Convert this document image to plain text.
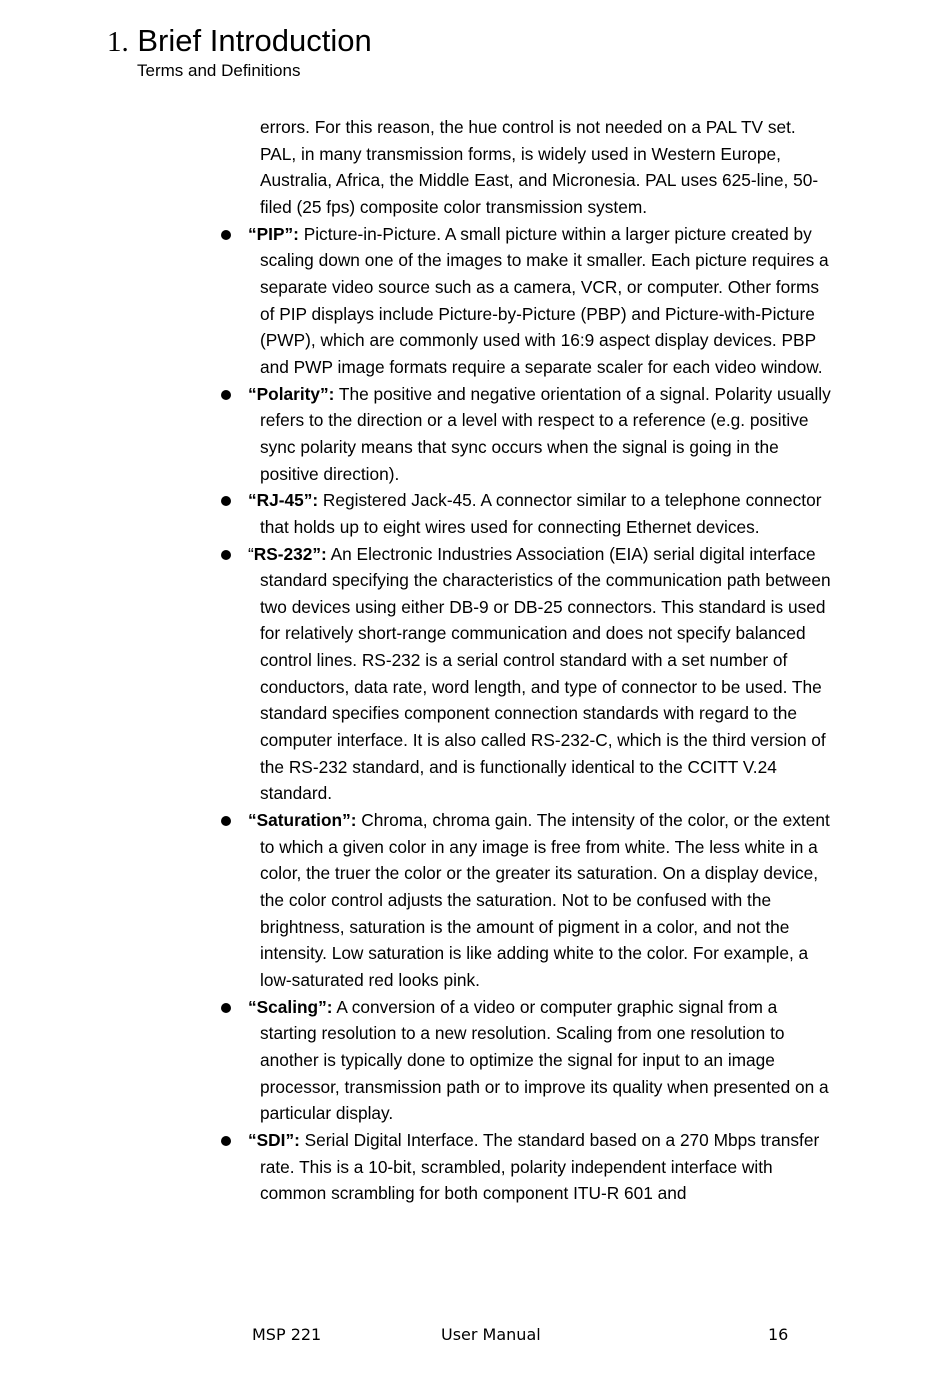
1. Brief Introduction
Terms and Definitions
errors. For this reason, the hue control is not needed on a PAL TV set. PAL, in many transmission forms, is widely used in Western Europe, Australia, Africa, the Middle East, and Micronesia. PAL uses 625-line, 50-filed (25 fps) composite color transmission system.
“PIP”: Picture-in-Picture. A small picture within a larger picture created by scaling down one of the images to make it smaller. Each picture requires a separate video source such as a camera, VCR, or computer. Other forms of PIP displays include Picture-by-Picture (PBP) and Picture-with-Picture (PWP), which are commonly used with 16:9 aspect display devices. PBP and PWP image formats require a separate scaler for each video window.
“Polarity”: The positive and negative orientation of a signal. Polarity usually refers to the direction or a level with respect to a reference (e.g. positive sync polarity means that sync occurs when the signal is going in the positive direction).
“RJ-45”: Registered Jack-45. A connector similar to a telephone connector that holds up to eight wires used for connecting Ethernet devices.
“RS-232”: An Electronic Industries Association (EIA) serial digital interface standard specifying the characteristics of the communication path between two devices using either DB-9 or DB-25 connectors. This standard is used for relatively short-range communication and does not specify balanced control lines. RS-232 is a serial control standard with a set number of conductors, data rate, word length, and type of connector to be used. The standard specifies component connection standards with regard to the computer interface. It is also called RS-232-C, which is the third version of the RS-232 standard, and is functionally identical to the CCITT V.24 standard.
“Saturation”: Chroma, chroma gain. The intensity of the color, or the extent to which a given color in any image is free from white. The less white in a color, the truer the color or the greater its saturation. On a display device, the color control adjusts the saturation. Not to be confused with the brightness, saturation is the amount of pigment in a color, and not the intensity. Low saturation is like adding white to the color. For example, a low-saturated red looks pink.
“Scaling”: A conversion of a video or computer graphic signal from a starting resolution to a new resolution. Scaling from one resolution to another is typically done to optimize the signal for input to an image processor, transmission path or to improve its quality when presented on a particular display.
“SDI”: Serial Digital Interface. The standard based on a 270 Mbps transfer rate. This is a 10-bit, scrambled, polarity independent interface with common scrambling for both component ITU-R 601 and
MSP 221	User Manual	16
